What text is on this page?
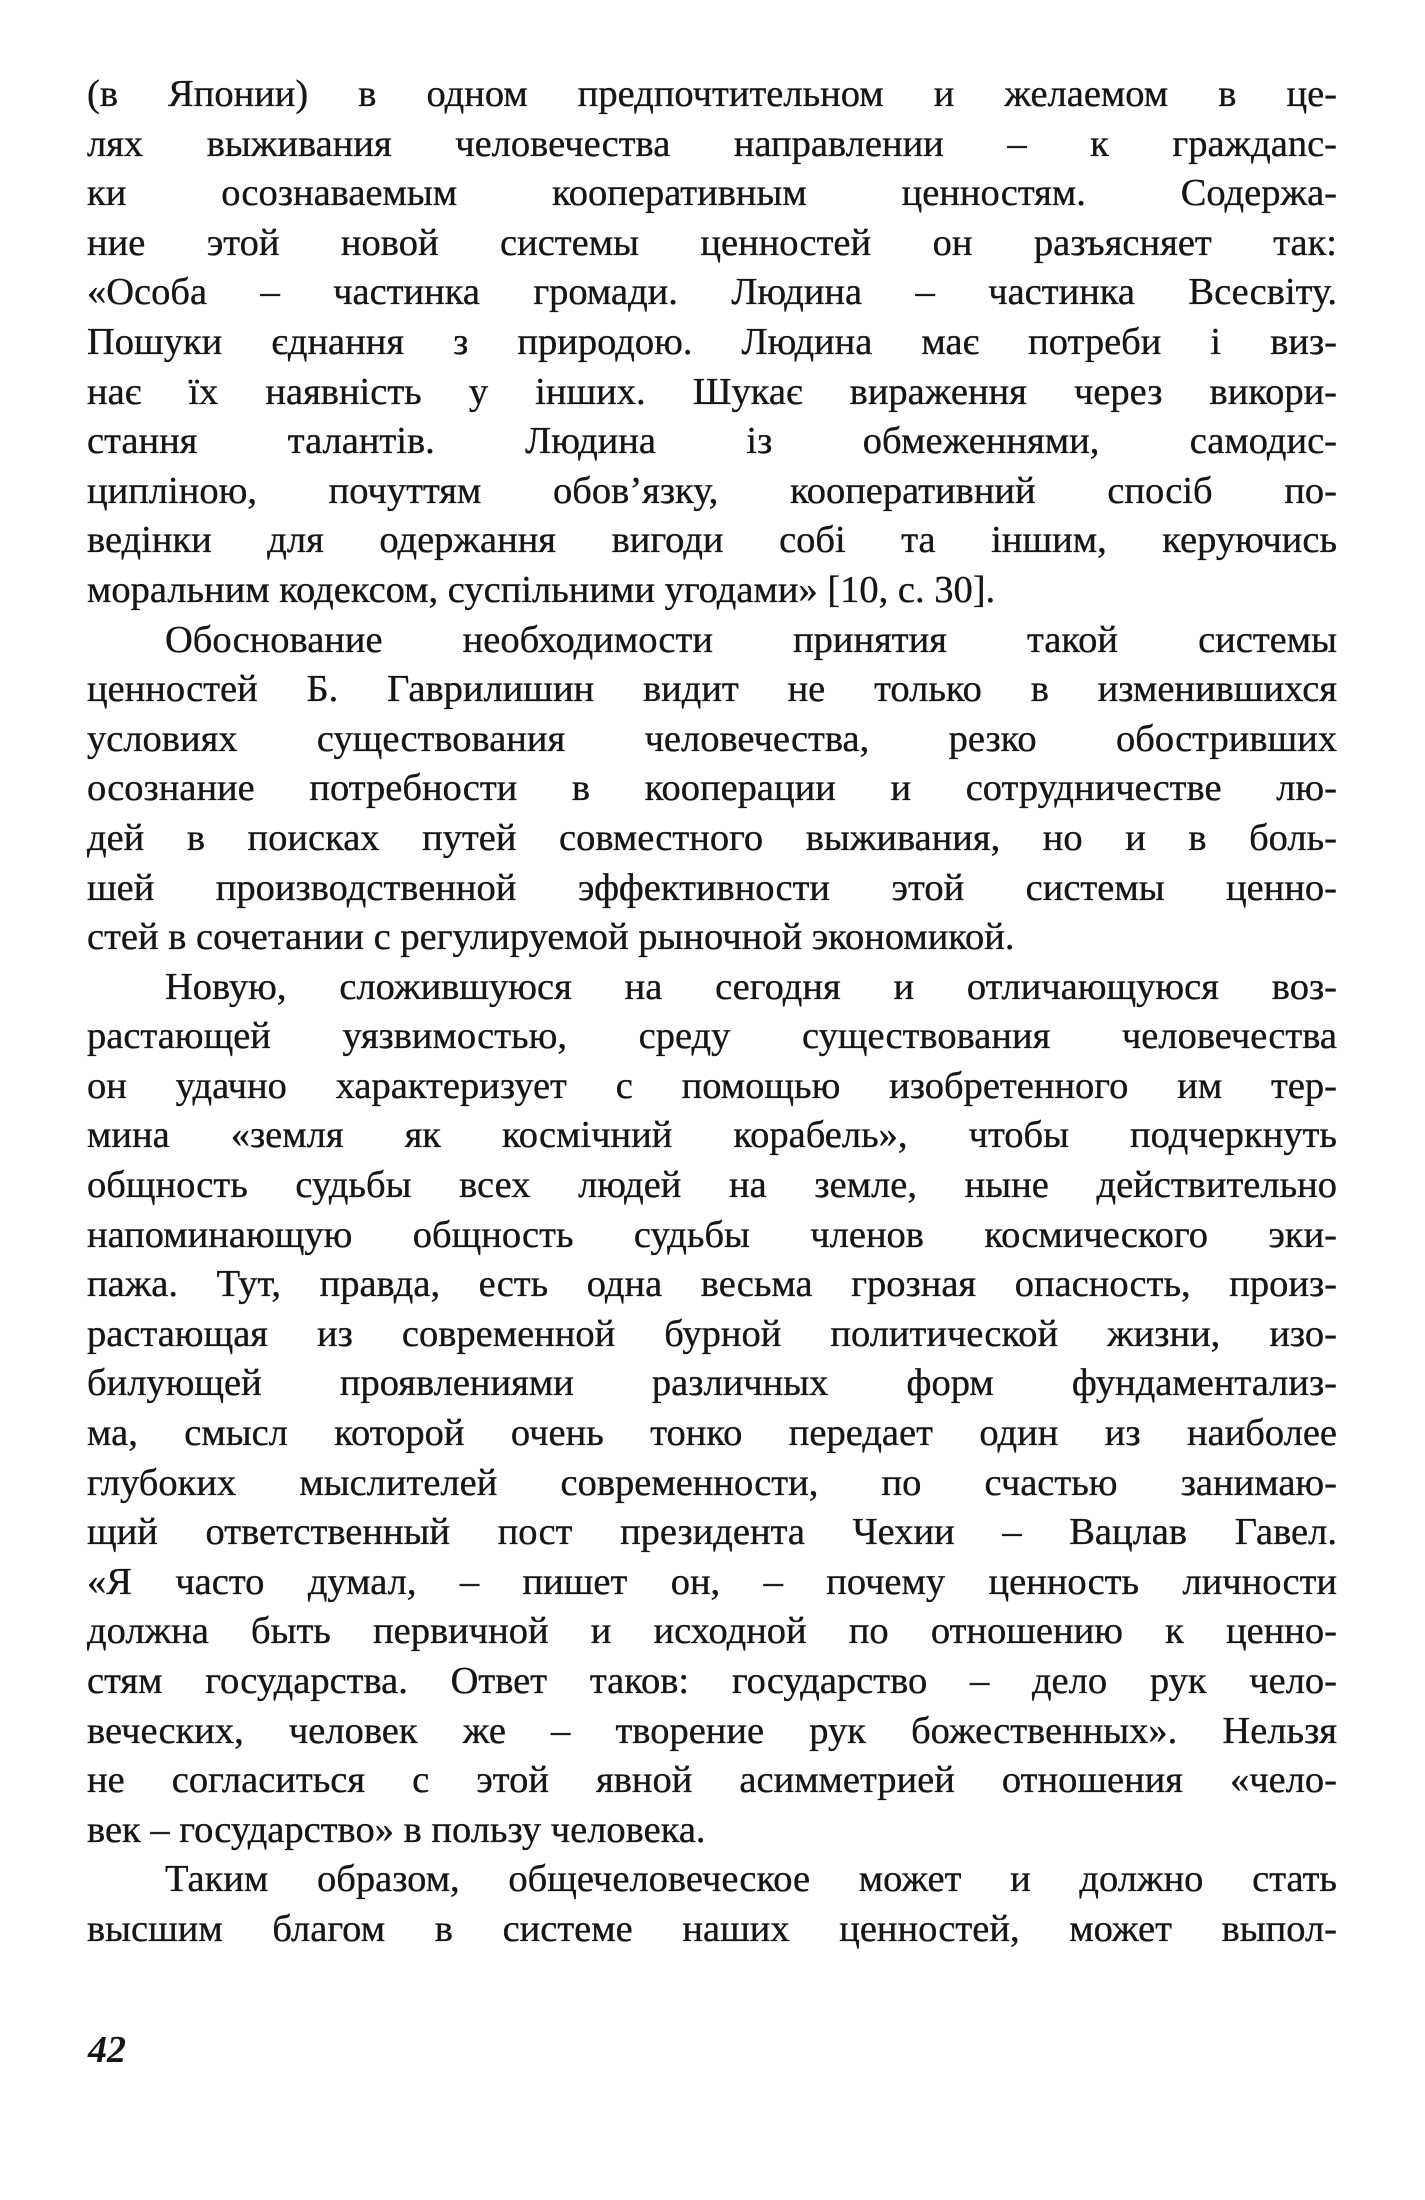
(в Японии) в одном предпочтительном и желаемом в це-
лях выживания человечества направлении – к граждanc-
ки осознаваемым кооперативным ценностям. Содержа-
ние этой новой системы ценностей он разъясняет так:
«Особа – частинка громади. Людина – частинка Всесвіту.
Пошуки єднання з природою. Людина має потреби і виз-
нає їх наявність у інших. Шукає вираження через викори-
стання талантів. Людина із обмеженнями, самодис-
ципліною, почуттям обов’язку, кооперативний спосіб по-
ведінки для одержання вигоди собі та іншим, керуючись
моральним кодексом, суспільними угодами» [10, с. 30].
Обоснование необходимости принятия такой системы
ценностей Б. Гаврилишин видит не только в изменившихся
условиях существования человечества, резко обостривших
осознание потребности в кооперации и сотрудничестве лю-
дей в поисках путей совместного выживания, но и в боль-
шей производственной эффективности этой системы ценно-
стей в сочетании с регулируемой рыночной экономикой.
Новую, сложившуюся на сегодня и отличающуюся воз-
растающей уязвимостью, среду существования человечества
он удачно характеризует с помощью изобретенного им тер-
мина «земля як космічний корабель», чтобы подчеркнуть
общность судьбы всех людей на земле, ныне действительно
напоминающую общность судьбы членов космического эки-
пажа. Тут, правда, есть одна весьма грозная опасность, произ-
растающая из современной бурной политической жизни, изо-
билующей проявлениями различных форм фундаментализ-
ма, смысл которой очень тонко передает один из наиболее
глубоких мыслителей современности, по счастью занимаю-
щий ответственный пост президента Чехии – Вацлав Гавел.
«Я часто думал, – пишет он, – почему ценность личности
должна быть первичной и исходной по отношению к ценно-
стям государства. Ответ таков: государство – дело рук чело-
веческих, человек же – творение рук божественных». Нельзя
не согласиться с этой явной асимметрией отношения «чело-
век – государство» в пользу человека.
Таким образом, общечеловеческое может и должно стать
высшим благом в системе наших ценностей, может выпол-
42
